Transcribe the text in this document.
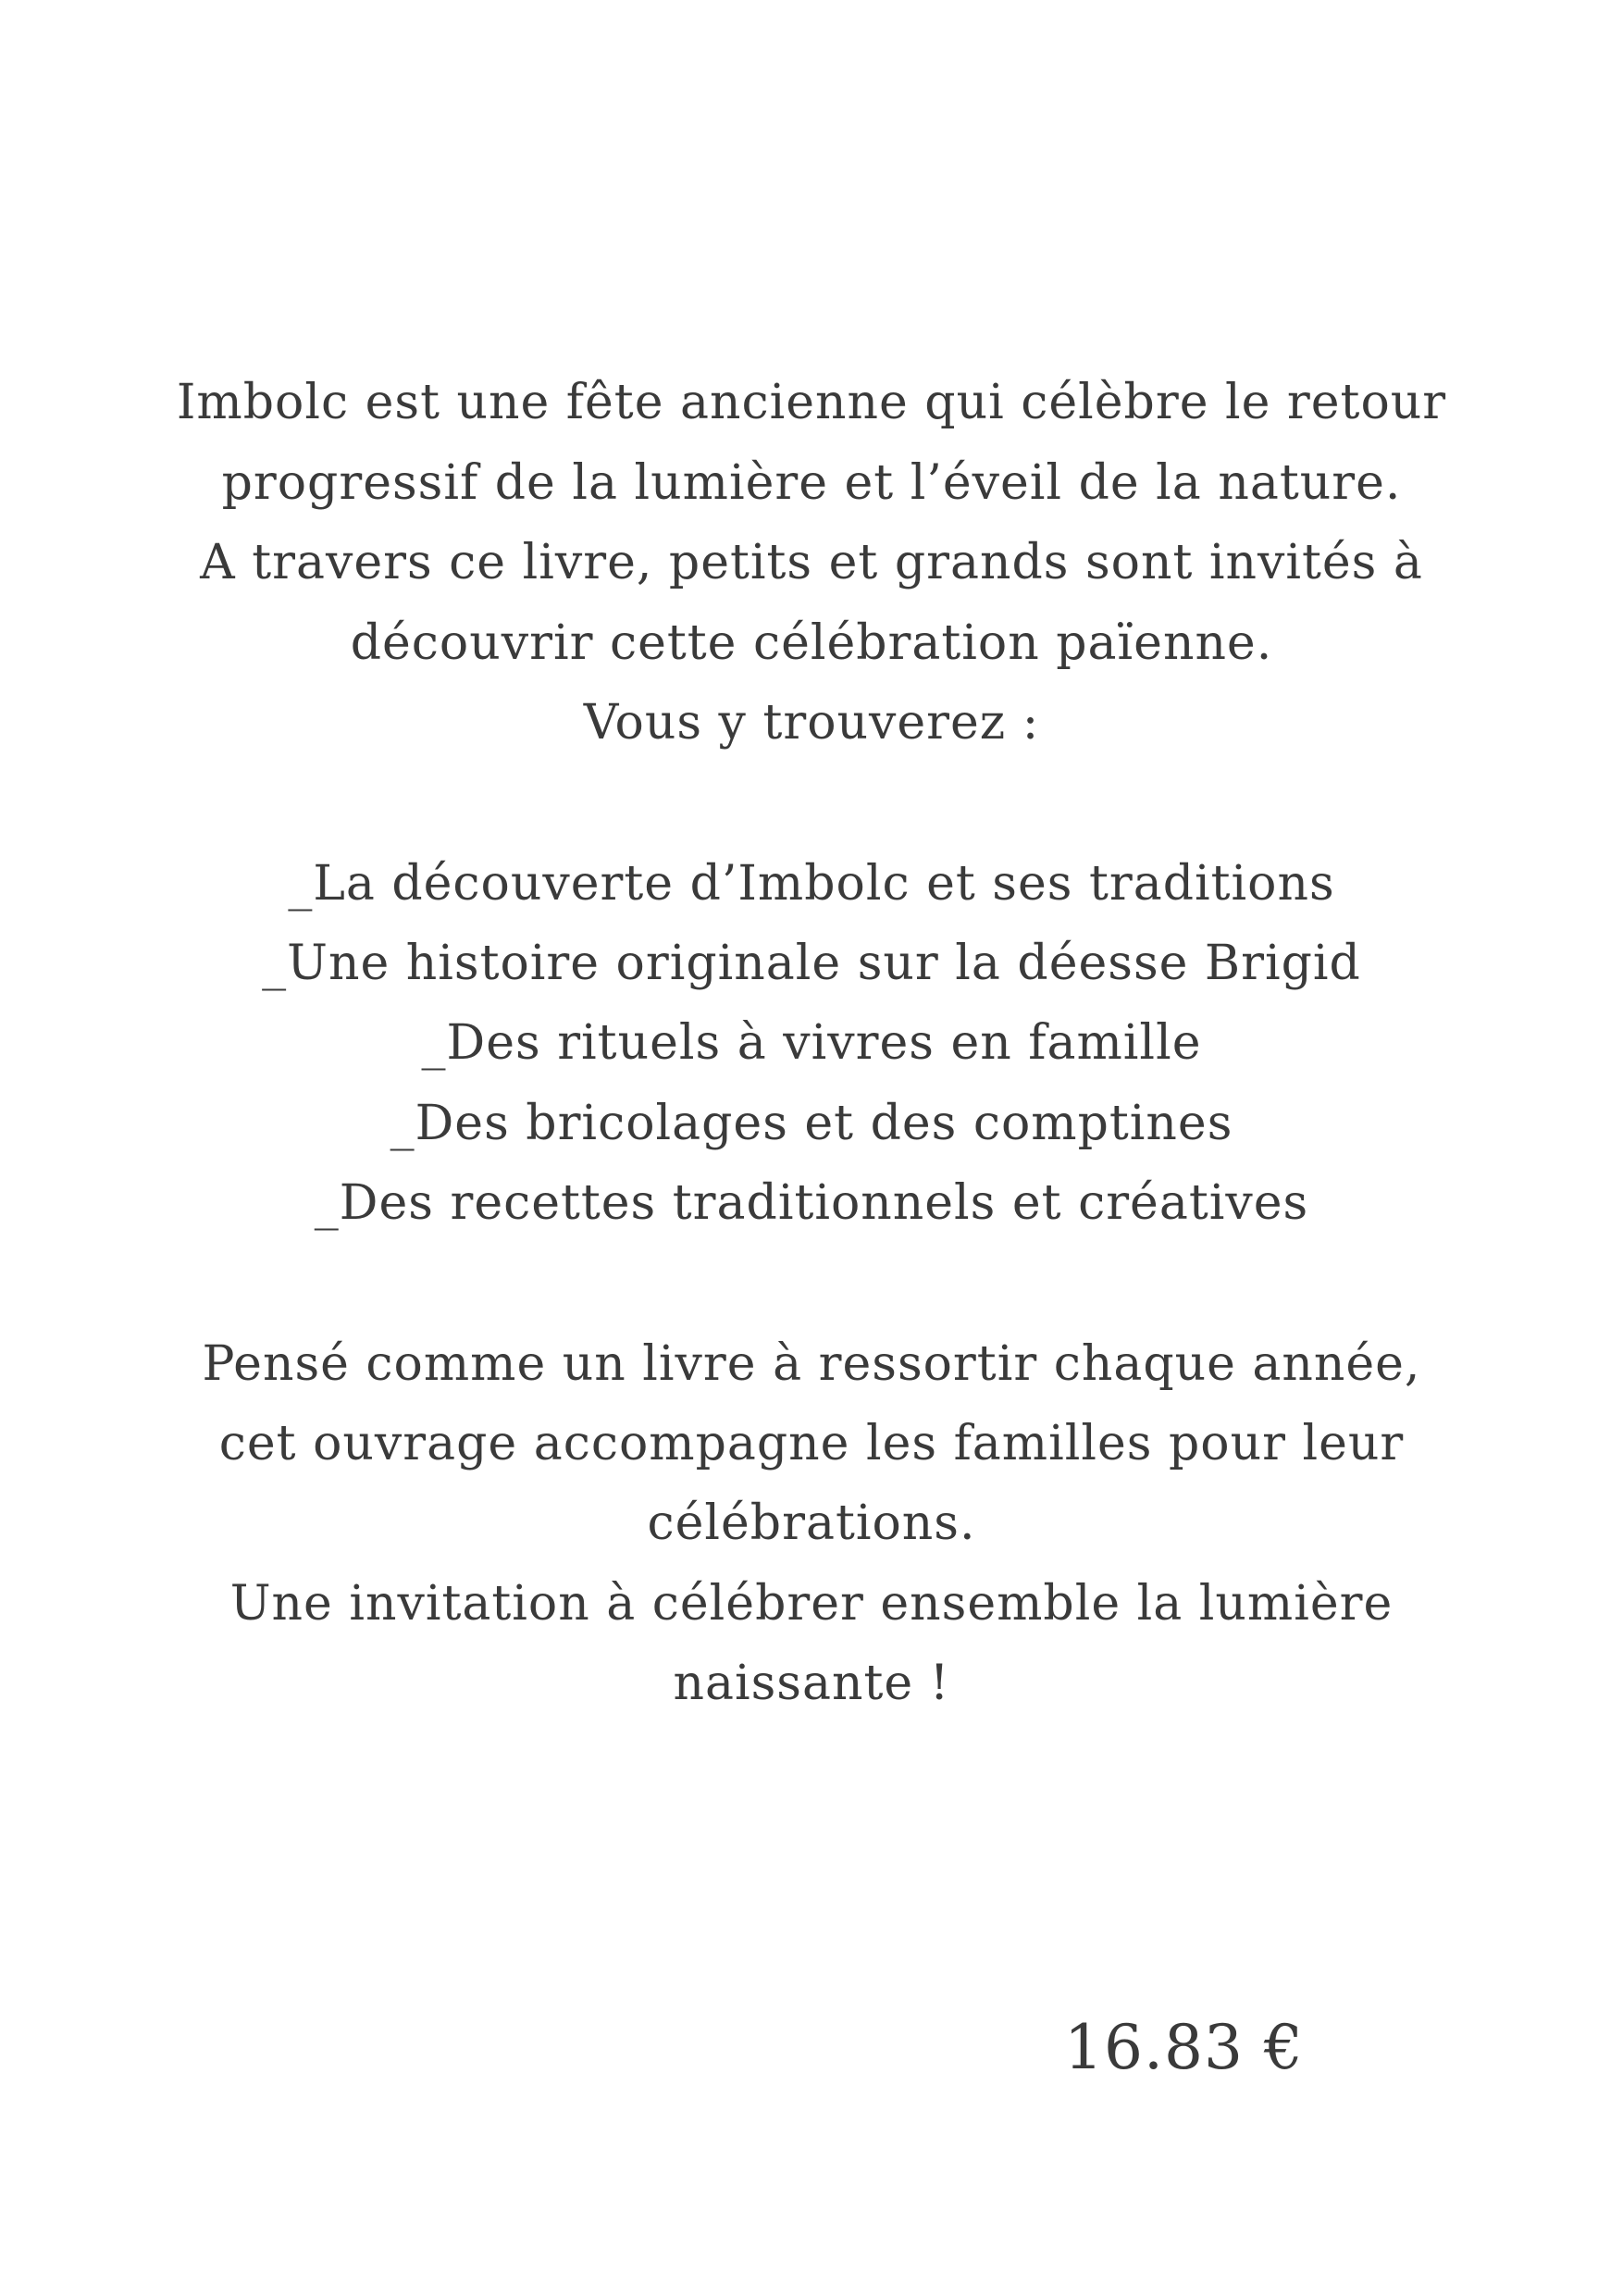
Imbolc est une fête ancienne qui célèbre le retour
progressif de la lumière et l’éveil de la nature.
A travers ce livre, petits et grands sont invités à
découvrir cette célébration païenne.
Vous y trouverez :
_La découverte d’Imbolc et ses traditions
_Une histoire originale sur la déesse Brigid
_Des rituels à vivres en famille
_Des bricolages et des comptines
_Des recettes traditionnels et créatives
Pensé comme un livre à ressortir chaque année,
cet ouvrage accompagne les familles pour leur
célébrations.
Une invitation à célébrer ensemble la lumière
naissante !
16.83 €
